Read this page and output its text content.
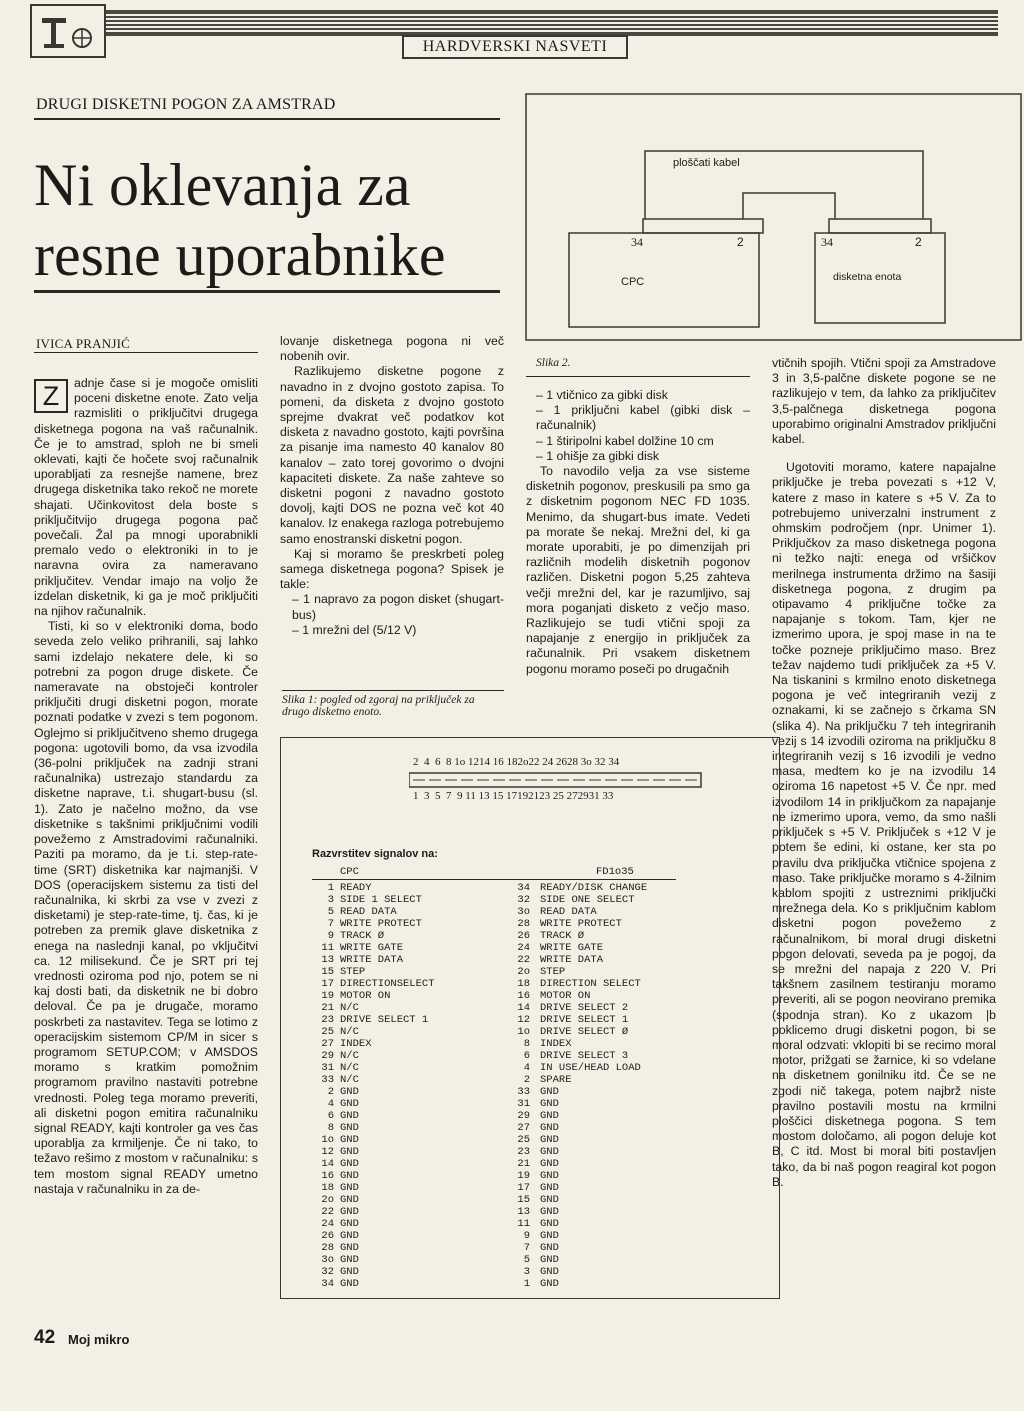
HARDVERSKI NASVETI
DRUGI DISKETNI POGON ZA AMSTRAD
Ni oklevanja za resne uporabnike
IVICA PRANJIĆ
ploščati kabel
34	2	34	2
CPC	disketna enota

Z	adnje čase si je mogoče omisliti poceni disketne enote. Zato velja razmisliti o priključitvi drugega disketnega pogona na vaš računalnik. Če je to amstrad, sploh ne bi smeli oklevati, kajti če hočete svoj računalnik uporabljati za resnejše namene, brez drugega disketnika tako rekoč ne morete shajati. Učinkovitost dela boste s priključitvijo drugega pogona pač povečali. Žal pa mnogi uporabnikli premalo vedo o elektroniki in to je naravna ovira za nameravano priključitev. Vendar imajo na voljo že izdelan disketnik, ki ga je moč priključiti na njihov računalnik.

Tisti, ki so v elektroniki doma, bodo seveda zelo veliko prihranili, saj lahko sami izdelajo nekatere dele, ki so potrebni za pogon druge diskete. Če nameravate na obstoječi kontroler priključiti drugi disketni pogon, morate poznati podatke v zvezi s tem pogonom. Oglejmo si priključitveno shemo drugega pogona: ugotovili bomo, da vsa izvodila (36-polni priključek na zadnji strani računalnika) ustrezajo standardu za disketne naprave, t.i. shugart-busu (sl. 1). Zato je načelno možno, da vse disketnike s takšnimi priključnimi vodili povežemo z Amstradovimi računalniki. Paziti pa moramo, da je t.i. step-rate-time (SRT) disketnika kar najmanjši. V DOS (operacijskem sistemu za tisti del računalnika, ki skrbi za vse v zvezi z disketami) je step-rate-time, tj. čas, ki je potreben za premik glave disketnika z enega na naslednji kanal, po vključitvi ca. 12 milisekund. Če je SRT pri tej vrednosti oziroma pod njo, potem se ni kaj dosti bati, da disketnik ne bi dobro deloval. Če pa je drugače, moramo poskrbeti za nastavitev. Tega se lotimo z operacijskim sistemom CP/M in sicer s programom SETUP.COM; v AMSDOS moramo s kratkim pomožnim programom pravilno nastaviti potrebne vrednosti. Poleg tega moramo preveriti, ali disketni pogon emitira računalniku signal READY, kajti kontroler ga ves čas uporablja za krmiljenje. Če ni tako, to težavo rešimo z mostom v računalniku: s tem mostom signal READY umetno nastaja v računalniku in za de-

lovanje disketnega pogona ni več nobenih ovir.

Razlikujemo disketne pogone z navadno in z dvojno gostoto zapisa. To pomeni, da disketa z dvojno gostoto sprejme dvakrat več podatkov kot disketa z navadno gostoto, kajti površina za pisanje ima namesto 40 kanalov 80 kanalov – zato torej govorimo o dvojni kapaciteti diskete. Za naše zahteve so disketni pogoni z navadno gostoto dovolj, kajti DOS ne pozna več kot 40 kanalov. Iz enakega razloga potrebujemo samo enostranski disketni pogon.

Kaj si moramo še preskrbeti poleg samega disketnega pogona? Spisek je takle:

– 1 napravo za pogon disket (shugart-bus)
– 1 mrežni del (5/12 V)
Slika 1: pogled od zgoraj na priključek za drugo disketno enoto.
Slika 2.
– 1 vtičnico za gibki disk
– 1 priključni kabel (gibki disk – računalnik)
– 1 štiripolni kabel dolžine 10 cm
– 1 ohišje za gibki disk

To navodilo velja za vse sisteme disketnih pogonov, preskusili pa smo ga z disketnim pogonom NEC FD 1035. Menimo, da shugart-bus imate. Vedeti pa morate še nekaj. Mrežni del, ki ga morate uporabiti, je po dimenzijah pri različnih modelih disketnih pogonov različen. Disketni pogon 5,25 zahteva večji mrežni del, kar je razumljivo, saj mora poganjati disketo z večjo maso. Razlikujejo se tudi vtični spoji za napajanje z energijo in priključek za računalnik. Pri vsakem disketnem pogonu moramo poseči po drugačnih

vtičnih spojih. Vtični spoji za Amstradove 3 in 3,5-palčne diskete pogone se ne razlikujejo v tem, da lahko za priključitev 3,5-palčnega disketnega pogona uporabimo originalni Amstradov priključni kabel.

Ugotoviti moramo, katere napajalne priključke je treba povezati s +12 V, katere z maso in katere s +5 V. Za to potrebujemo univerzalni instrument z ohmskim področjem (npr. Unimer 1). Priključkov za maso disketnega pogona ni težko najti: enega od vršičkov merilnega instrumenta držimo na šasiji disketnega pogona, z drugim pa otipavamo 4 priključne točke za napajanje s tokom. Tam, kjer ne izmerimo upora, je spoj mase in na te točke pozneje priključimo maso. Brez težav najdemo tudi priključek za +5 V. Na tiskanini s krmilno enoto disketnega pogona je več integriranih vezij z oznakami, ki se začnejo s črkama SN (slika 4). Na priključku 7 teh integriranih vezij s 14 izvodili oziroma na priključku 8 integriranih vezij s 16 izvodili je vedno masa, medtem ko je na izvodilu 14 oziroma 16 napetost +5 V. Če npr. med izvodilom 14 in priključkom za napajanje ne izmerimo upora, vemo, da smo našli priključek s +5 V. Priključek s +12 V je potem še edini, ki ostane, ker sta po pravilu dva priključka vtičnice spojena z maso. Take priključke moramo s 4-žilnim kablom spojiti z ustreznimi priključki mrežnega dela. Ko s priključnim kablom disketni pogon povežemo z računalnikom, bi moral drugi disketni pogon delovati, seveda pa je pogoj, da se mrežni del napaja z 220 V. Pri takšnem zasilnem testiranju moramo preveriti, ali se pogon neovirano premika (spodnja stran). Ko z ukazom |b poklicemo drugi disketni pogon, bi se moral odzvati: vklopiti bi se recimo moral motor, prižgati se žarnice, ki so vdelane na disketnem gonilniku itd. Če se ne zgodi nič takega, potem najbrž niste pravilno postavili mostu na krmilni ploščici disketnega pogona. S tem mostom določamo, ali pogon deluje kot B, C itd. Most bi moral biti postavljen tako, da bi naš pogon reagiral kot pogon B.

2  4  6  8 1o 1214 16 182o22 24 2628 3o 32 34
1  3  5  7  9 11 13 15 17192123 25 272931 33
Razvrstitev signalov na:
CPC	FD1o35
1 READY	34 READY/DISK CHANGE
3 SIDE 1 SELECT	32 SIDE ONE SELECT
5 READ DATA	3o READ DATA
7 WRITE PROTECT	28 WRITE PROTECT
9 TRACK Ø	26 TRACK Ø
11 WRITE GATE	24 WRITE GATE
13 WRITE DATA	22 WRITE DATA
15 STEP	2o STEP
17 DIRECTIONSELECT	18 DIRECTION SELECT
19 MOTOR ON	16 MOTOR ON
21 N/C	14 DRIVE SELECT 2
23 DRIVE SELECT 1	12 DRIVE SELECT 1
25 N/C	1o DRIVE SELECT Ø
27 INDEX	8 INDEX
29 N/C	6 DRIVE SELECT 3
31 N/C	4 IN USE/HEAD LOAD
33 N/C	2 SPARE
2 GND	33 GND
4 GND	31 GND
6 GND	29 GND
8 GND	27 GND
1o GND	25 GND
12 GND	23 GND
14 GND	21 GND
16 GND	19 GND
18 GND	17 GND
2o GND	15 GND
22 GND	13 GND
24 GND	11 GND
26 GND	9 GND
28 GND	7 GND
3o GND	5 GND
32 GND	3 GND
34 GND	1 GND
42 Moj mikro
